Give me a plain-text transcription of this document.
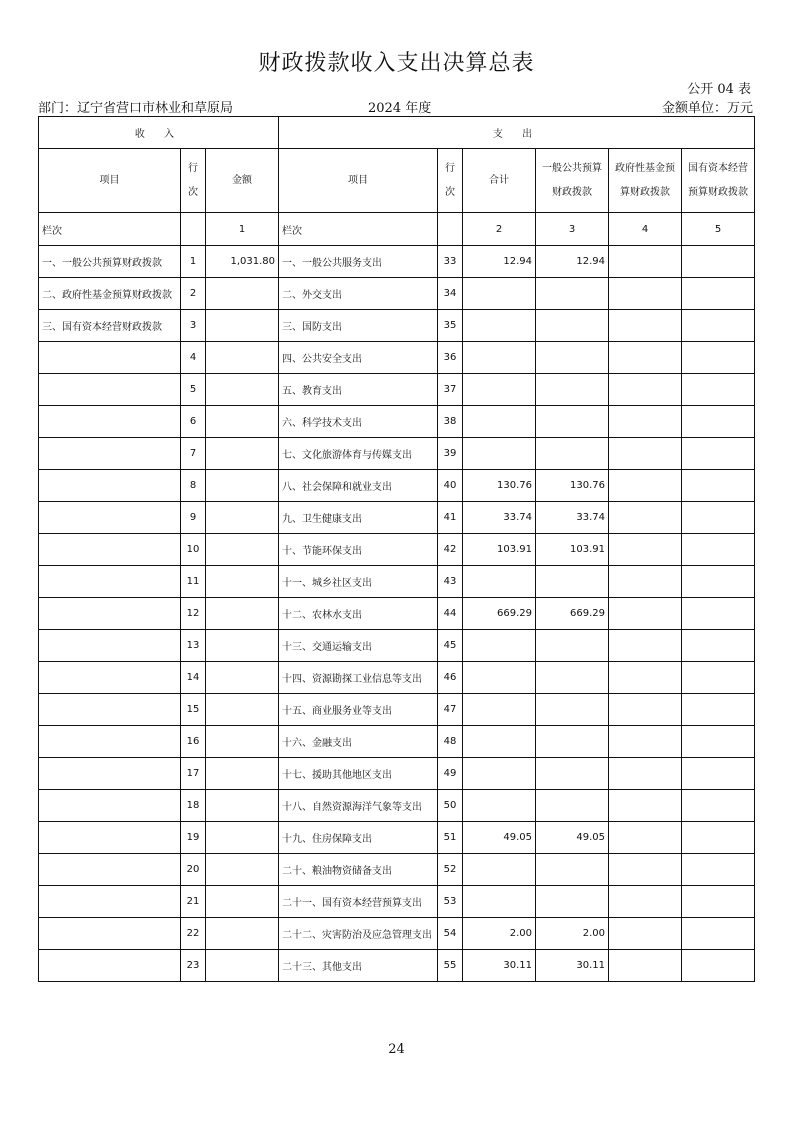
财政拨款收入支出决算总表
公开 04 表
部门：辽宁省营口市林业和草原局	2024 年度	金额单位：万元
收 入			支 出					
项目	行次	金额	项目	行次	合计	一般公共预算财政拨款	政府性基金预算财政拨款	国有资本经营预算财政拨款
栏次		1	栏次		2	3	4	5
一、一般公共预算财政拨款	1	1,031.80	一、一般公共服务支出	33	12.94	12.94		
二、政府性基金预算财政拨款	2		二、外交支出	34				
三、国有资本经营财政拨款	3		三、国防支出	35				
	4		四、公共安全支出	36				
	5		五、教育支出	37				
	6		六、科学技术支出	38				
	7		七、文化旅游体育与传媒支出	39				
	8		八、社会保障和就业支出	40	130.76	130.76		
	9		九、卫生健康支出	41	33.74	33.74		
	10		十、节能环保支出	42	103.91	103.91		
	11		十一、城乡社区支出	43				
	12		十二、农林水支出	44	669.29	669.29		
	13		十三、交通运输支出	45				
	14		十四、资源勘探工业信息等支出	46				
	15		十五、商业服务业等支出	47				
	16		十六、金融支出	48				
	17		十七、援助其他地区支出	49				
	18		十八、自然资源海洋气象等支出	50				
	19		十九、住房保障支出	51	49.05	49.05		
	20		二十、粮油物资储备支出	52				
	21		二十一、国有资本经营预算支出	53				
	22		二十二、灾害防治及应急管理支出	54	2.00	2.00		
	23		二十三、其他支出	55	30.11	30.11		
24
